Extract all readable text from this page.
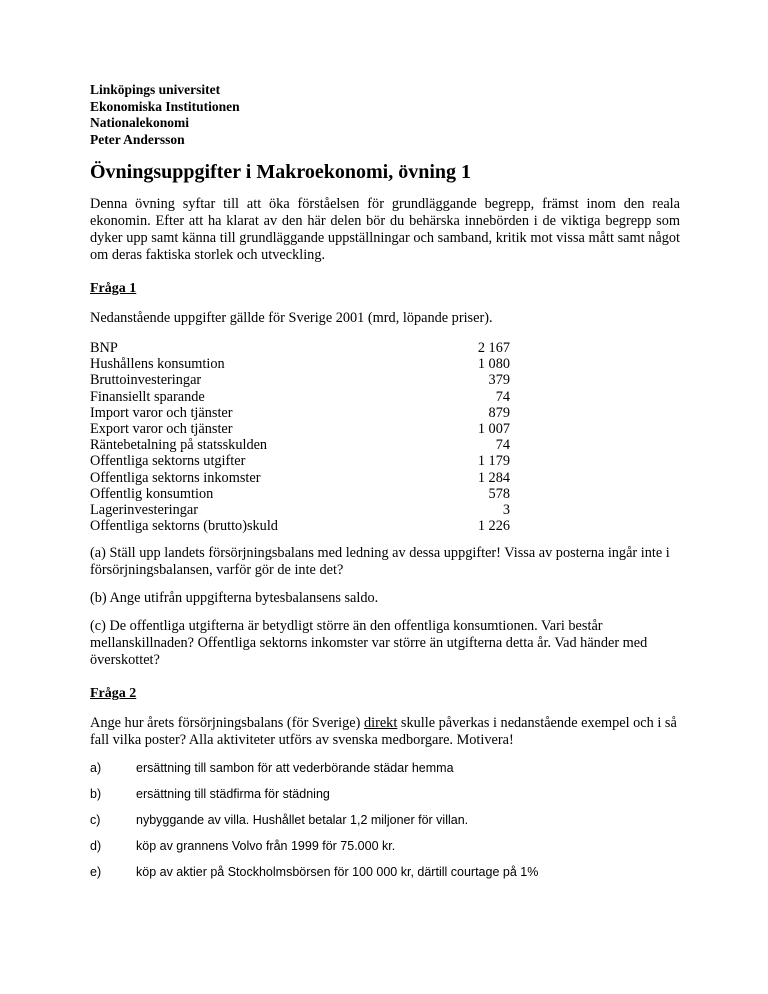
Linköpings universitet
Ekonomiska Institutionen
Nationalekonomi
Peter Andersson
Övningsuppgifter i Makroekonomi, övning 1
Denna övning syftar till att öka förståelsen för grundläggande begrepp, främst inom den reala ekonomin. Efter att ha klarat av den här delen bör du behärska innebörden i de viktiga begrepp som dyker upp samt känna till grundläggande uppställningar och samband, kritik mot vissa mått samt något om deras faktiska storlek och utveckling.
Fråga 1
Nedanstående uppgifter gällde för Sverige 2001 (mrd, löpande priser).
BNP	2 167
Hushållens konsumtion	1 080
Bruttoinvesteringar	379
Finansiellt sparande	74
Import varor och tjänster	879
Export varor och tjänster	1 007
Räntebetalning på statsskulden	74
Offentliga sektorns utgifter	1 179
Offentliga sektorns inkomster	1 284
Offentlig konsumtion	578
Lagerinvesteringar	3
Offentliga sektorns (brutto)skuld	1 226
(a) Ställ upp landets försörjningsbalans med ledning av dessa uppgifter! Vissa av posterna ingår inte i försörjningsbalansen, varför gör de inte det?
(b) Ange utifrån uppgifterna bytesbalansens saldo.
(c) De offentliga utgifterna är betydligt större än den offentliga konsumtionen. Vari består mellanskillnaden? Offentliga sektorns inkomster var större än utgifterna detta år. Vad händer med överskottet?
Fråga 2
Ange hur årets försörjningsbalans (för Sverige) direkt skulle påverkas i nedanstående exempel och i så fall vilka poster? Alla aktiviteter utförs av svenska medborgare. Motivera!
a)	ersättning till sambon för att vederbörande städar hemma
b)	ersättning till städfirma för städning
c)	nybyggande av villa. Hushållet betalar 1,2 miljoner för villan.
d)	köp av grannens Volvo från 1999 för 75.000 kr.
e)	köp av aktier på Stockholmsbörsen för 100 000 kr, därtill courtage på 1%
